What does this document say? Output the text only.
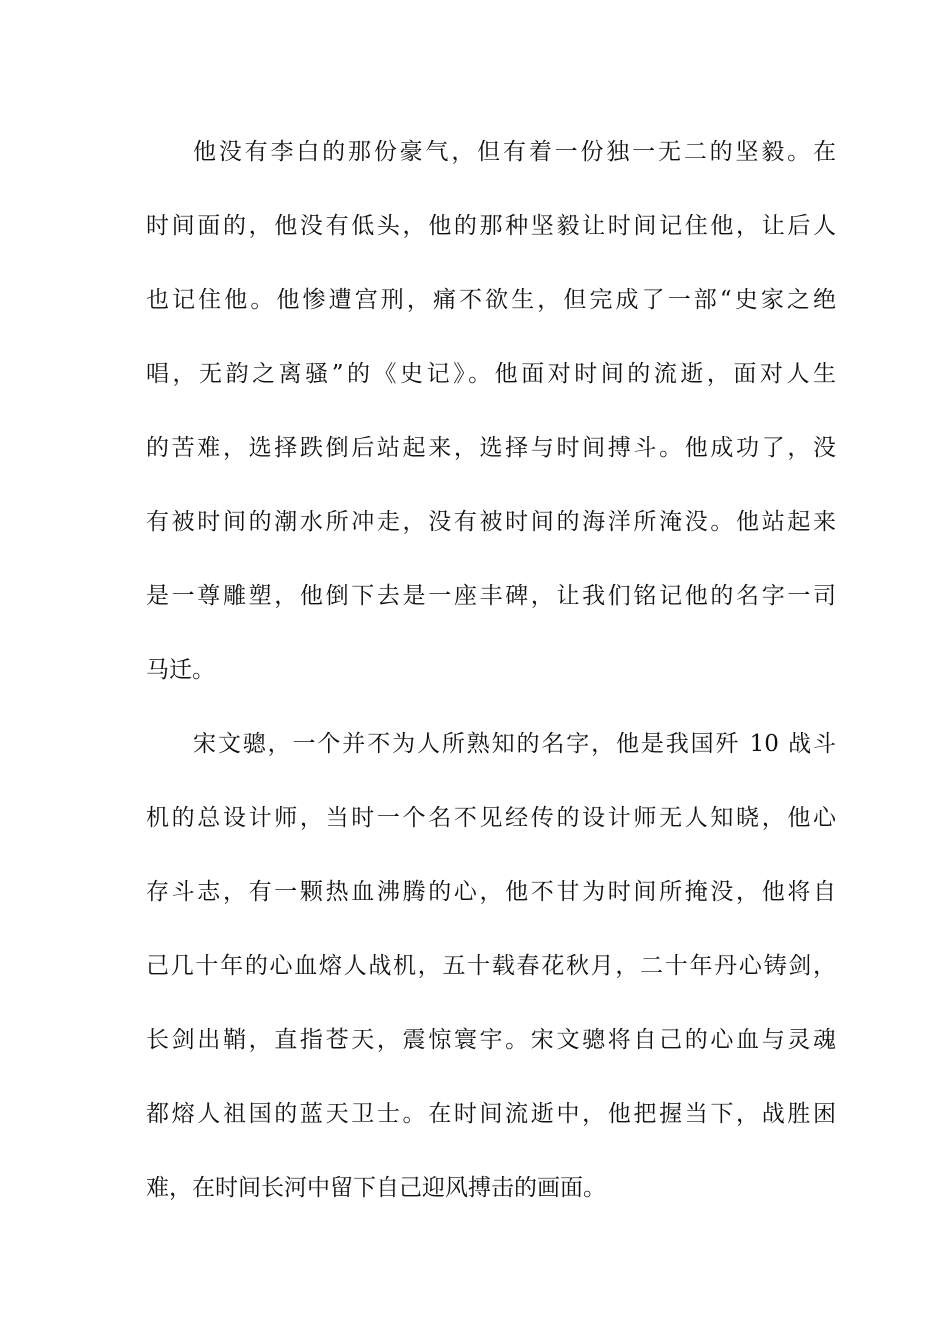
他没有李白的那份豪气，但有着一份独一无二的坚毅。在
时间面的，他没有低头，他的那种坚毅让时间记住他，让后人
也记住他。他惨遭宫刑，痛不欲生，但完成了一部“史家之绝
唱，无韵之离骚”的《史记》。他面对时间的流逝，面对人生
的苦难，选择跌倒后站起来，选择与时间搏斗。他成功了，没
有被时间的潮水所冲走，没有被时间的海洋所淹没。他站起来
是一尊雕塑，他倒下去是一座丰碑，让我们铭记他的名字一司
马迁。
宋文骢，一个并不为人所熟知的名字，他是我国歼 10 战斗
机的总设计师，当时一个名不见经传的设计师无人知晓，他心
存斗志，有一颗热血沸腾的心，他不甘为时间所掩没，他将自
己几十年的心血熔人战机，五十载春花秋月，二十年丹心铸剑，
长剑出鞘，直指苍天，震惊寰宇。宋文骢将自己的心血与灵魂
都熔人祖国的蓝天卫士。在时间流逝中，他把握当下，战胜困
难，在时间长河中留下自己迎风搏击的画面。
